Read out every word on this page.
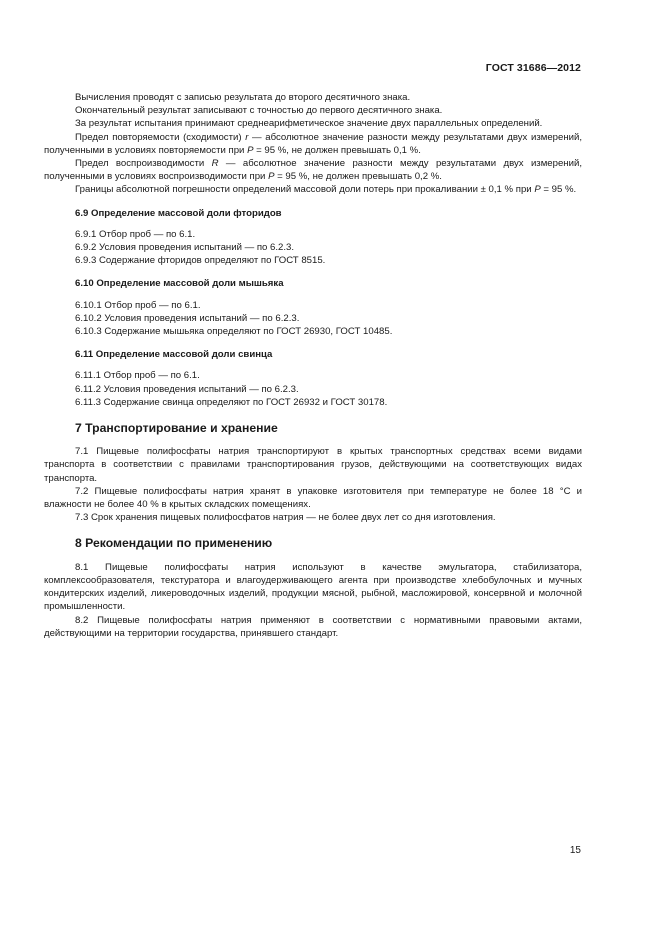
ГОСТ 31686—2012

Вычисления проводят с записью результата до второго десятичного знака.

Окончательный результат записывают с точностью до первого десятичного знака.

За результат испытания принимают среднеарифметическое значение двух параллельных определений.

Предел повторяемости (сходимости) r — абсолютное значение разности между результатами двух измерений, полученными в условиях повторяемости при P = 95 %, не должен превышать 0,1 %.

Предел воспроизводимости R — абсолютное значение разности между результатами двух измерений, полученными в условиях воспроизводимости при P = 95 %, не должен превышать 0,2 %.

Границы абсолютной погрешности определений массовой доли потерь при прокаливании ± 0,1 % при P = 95 %.

6.9 Определение массовой доли фторидов

6.9.1 Отбор проб — по 6.1.

6.9.2 Условия проведения испытаний — по 6.2.3.

6.9.3 Содержание фторидов определяют по ГОСТ 8515.

6.10 Определение массовой доли мышьяка

6.10.1 Отбор проб — по 6.1.

6.10.2 Условия проведения испытаний — по 6.2.3.

6.10.3 Содержание мышьяка определяют по ГОСТ 26930, ГОСТ 10485.

6.11 Определение массовой доли свинца

6.11.1 Отбор проб — по 6.1.

6.11.2 Условия проведения испытаний — по 6.2.3.

6.11.3 Содержание свинца определяют по ГОСТ 26932 и ГОСТ 30178.

7 Транспортирование и хранение

7.1 Пищевые полифосфаты натрия транспортируют в крытых транспортных средствах всеми видами транспорта в соответствии с правилами транспортирования грузов, действующими на соответствующих видах транспорта.

7.2 Пищевые полифосфаты натрия хранят в упаковке изготовителя при температуре не более 18 °С и влажности не более 40 % в крытых складских помещениях.

7.3 Срок хранения пищевых полифосфатов натрия — не более двух лет со дня изготовления.

8 Рекомендации по применению

8.1 Пищевые полифосфаты натрия используют в качестве эмульгатора, стабилизатора, комплексообразователя, текстуратора и влагоудерживающего агента при производстве хлебобулочных и мучных кондитерских изделий, ликероводочных изделий, продукции мясной, рыбной, масложировой, консервной и молочной промышленности.

8.2 Пищевые полифосфаты натрия применяют в соответствии с нормативными правовыми актами, действующими на территории государства, принявшего стандарт.

15
